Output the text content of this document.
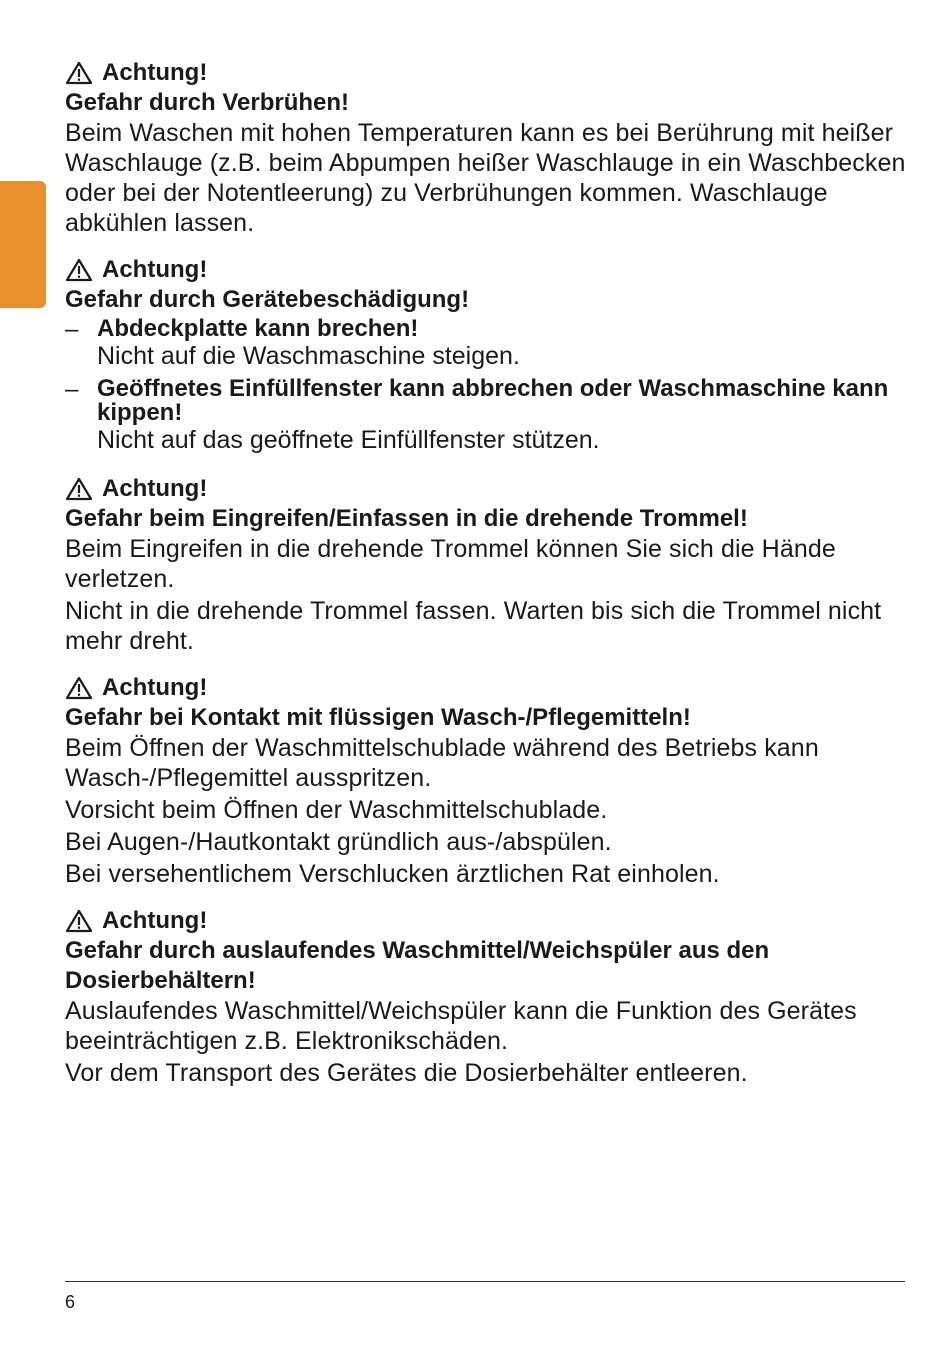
Achtung!

Gefahr durch Verbrühen!

Beim Waschen mit hohen Temperaturen kann es bei Berührung mit heißer Waschlauge (z.B. beim Abpumpen heißer Waschlauge in ein Waschbecken oder bei der Notentleerung) zu Verbrühungen kommen. Waschlauge abkühlen lassen.

Achtung!

Gefahr durch Gerätebeschädigung!

– Abdeckplatte kann brechen!

Nicht auf die Waschmaschine steigen.

– Geöffnetes Einfüllfenster kann abbrechen oder Waschmaschine kann kippen!

Nicht auf das geöffnete Einfüllfenster stützen.

Achtung!

Gefahr beim Eingreifen/Einfassen in die drehende Trommel!

Beim Eingreifen in die drehende Trommel können Sie sich die Hände verletzen.

Nicht in die drehende Trommel fassen. Warten bis sich die Trommel nicht mehr dreht.

Achtung!

Gefahr bei Kontakt mit flüssigen Wasch-/Pflegemitteln!

Beim Öffnen der Waschmittelschublade während des Betriebs kann Wasch-/Pflegemittel ausspritzen.

Vorsicht beim Öffnen der Waschmittelschublade.

Bei Augen-/Hautkontakt gründlich aus-/abspülen.

Bei versehentlichem Verschlucken ärztlichen Rat einholen.

Achtung!

Gefahr durch auslaufendes Waschmittel/Weichspüler aus den Dosierbehältern!

Auslaufendes Waschmittel/Weichspüler kann die Funktion des Gerätes beeinträchtigen z.B. Elektronikschäden.

Vor dem Transport des Gerätes die Dosierbehälter entleeren.

6
